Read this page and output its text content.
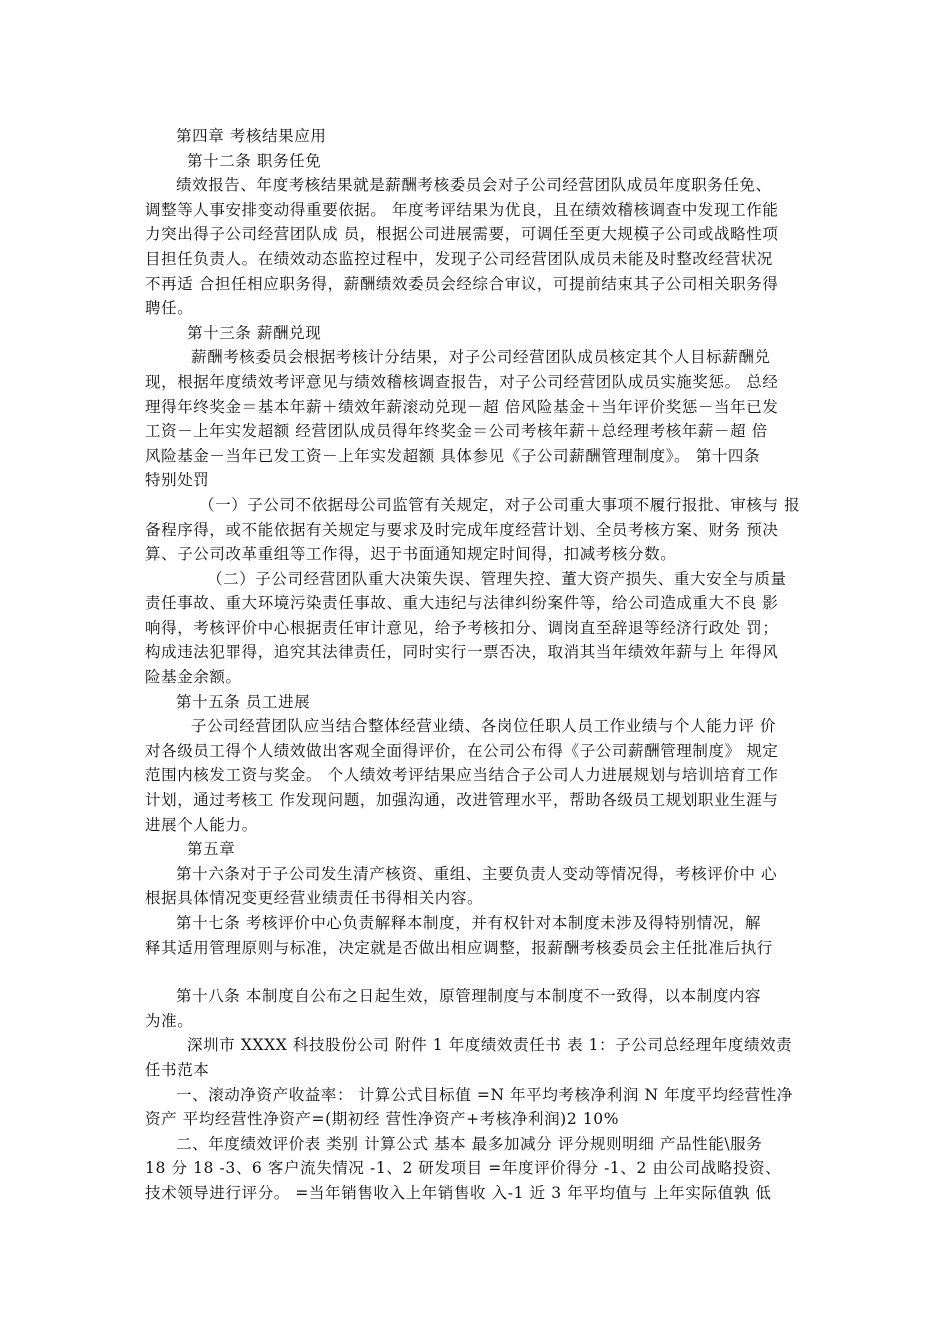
第四章 考核结果应用
第十二条 职务任免
绩效报告、年度考核结果就是薪酬考核委员会对子公司经营团队成员年度职务任免、
调整等人事安排变动得重要依据。 年度考评结果为优良，且在绩效稽核调查中发现工作能
力突出得子公司经营团队成 员，根据公司进展需要，可调任至更大规模子公司或战略性项
目担任负责人。在绩效动态监控过程中，发现子公司经营团队成员未能及时整改经营状况
不再适 合担任相应职务得，薪酬绩效委员会经综合审议，可提前结束其子公司相关职务得
聘任。
第十三条 薪酬兑现
薪酬考核委员会根据考核计分结果，对子公司经营团队成员核定其个人目标薪酬兑
现，根据年度绩效考评意见与绩效稽核调查报告，对子公司经营团队成员实施奖惩。 总经
理得年终奖金＝基本年薪＋绩效年薪滚动兑现－超 倍风险基金＋当年评价奖惩－当年已发
工资－上年实发超额 经营团队成员得年终奖金＝公司考核年薪＋总经理考核年薪－超 倍
风险基金－当年已发工资－上年实发超额 具体参见《子公司薪酬管理制度》。 第十四条
特别处罚
（一）子公司不依据母公司监管有关规定，对子公司重大事项不履行报批、审核与 报
备程序得，或不能依据有关规定与要求及时完成年度经营计划、全员考核方案、财务 预决
算、子公司改革重组等工作得，迟于书面通知规定时间得，扣减考核分数。
（二）子公司经营团队重大决策失误、管理失控、董大资产损失、重大安全与质量
责任事故、重大环境污染责任事故、重大违纪与法律纠纷案件等，给公司造成重大不良 影
响得，考核评价中心根据责任审计意见，给予考核扣分、调岗直至辞退等经济行政处 罚；
构成违法犯罪得，追究其法律责任，同时实行一票否决，取消其当年绩效年薪与上 年得风
险基金余额。
第十五条 员工进展
子公司经营团队应当结合整体经营业绩、各岗位任职人员工作业绩与个人能力评 价
对各级员工得个人绩效做出客观全面得评价，在公司公布得《子公司薪酬管理制度》 规定
范围内核发工资与奖金。 个人绩效考评结果应当结合子公司人力进展规划与培训培育工作
计划，通过考核工 作发现问题，加强沟通，改进管理水平，帮助各级员工规划职业生涯与
进展个人能力。
第五章
第十六条对于子公司发生清产核资、重组、主要负责人变动等情况得，考核评价中 心
根据具体情况变更经营业绩责任书得相关内容。
第十七条 考核评价中心负责解释本制度，并有权针对本制度未涉及得特别情况，解
释其适用管理原则与标准，决定就是否做出相应调整，报薪酬考核委员会主任批准后执行
第十八条 本制度自公布之日起生效，原管理制度与本制度不一致得，以本制度内容
为准。
深圳市 XXXX 科技股份公司 附件 1 年度绩效责任书 表 1：子公司总经理年度绩效责
任书范本
一、滚动净资产收益率： 计算公式目标值 =N 年平均考核净利润 N 年度平均经营性净
资产 平均经营性净资产=(期初经 营性净资产+考核净利润)2 10%
二、年度绩效评价表 类别 计算公式 基本 最多加减分 评分规则明细 产品性能\服务
18 分 18 -3、6 客户流失情况 -1、2 研发项目 =年度评价得分 -1、2 由公司战略投资、
技术领导进行评分。 =当年销售收入上年销售收 入-1 近 3 年平均值与 上年实际值孰 低
